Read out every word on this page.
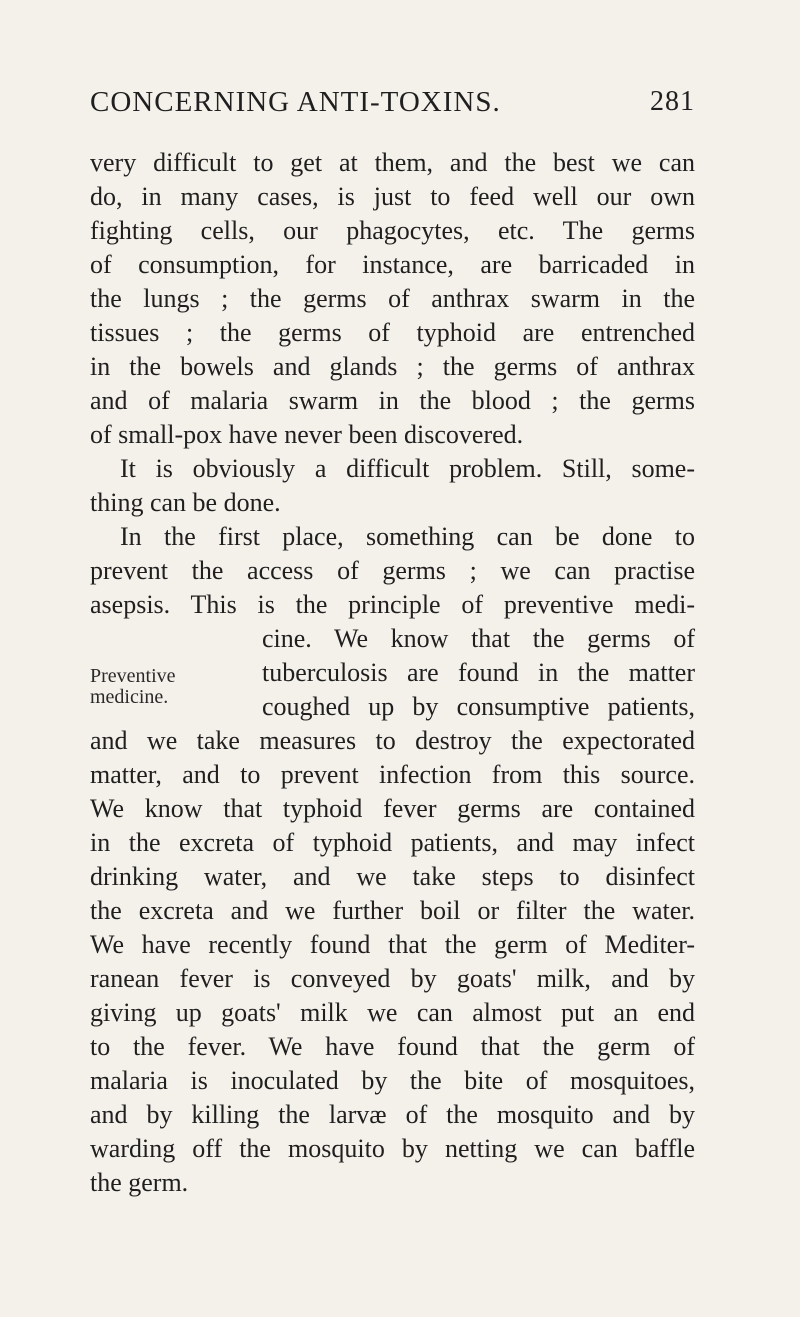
CONCERNING ANTI-TOXINS.	281
very difficult to get at them, and the best we can
do, in many cases, is just to feed well our own
fighting cells, our phagocytes, etc. The germs
of consumption, for instance, are barricaded in
the lungs ; the germs of anthrax swarm in the
tissues ; the germs of typhoid are entrenched
in the bowels and glands ; the germs of anthrax
and of malaria swarm in the blood ; the germs
of small-pox have never been discovered.
It is obviously a difficult problem. Still, some-
thing can be done.
In the first place, something can be done to
prevent the access of germs ; we can practise
asepsis. This is the principle of preventive medi-
cine. We know that the germs of
tuberculosis are found in the matter
coughed up by consumptive patients,
Preventive
medicine.
and we take measures to destroy the expectorated
matter, and to prevent infection from this source.
We know that typhoid fever germs are contained
in the excreta of typhoid patients, and may infect
drinking water, and we take steps to disinfect
the excreta and we further boil or filter the water.
We have recently found that the germ of Mediter-
ranean fever is conveyed by goats' milk, and by
giving up goats' milk we can almost put an end
to the fever. We have found that the germ of
malaria is inoculated by the bite of mosquitoes,
and by killing the larvæ of the mosquito and by
warding off the mosquito by netting we can baffle
the germ.
